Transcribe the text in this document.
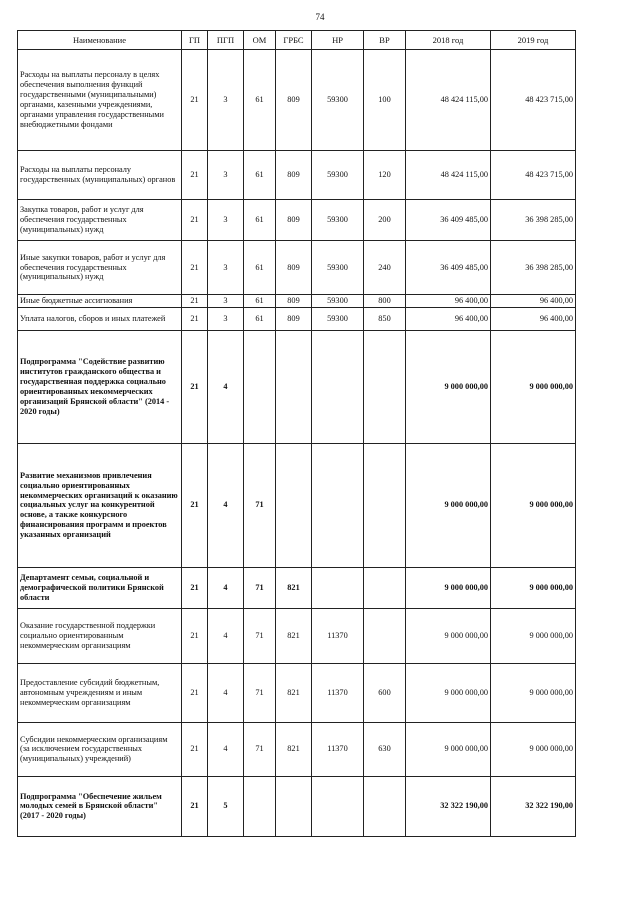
74
Наименование	ГП	ПГП	ОМ	ГРБС	НР	ВР	2018 год	2019 год
Расходы на выплаты персоналу в целях обеспечения выполнения функций государственными (муниципальными) органами, казенными учреждениями, органами управления государственными внебюджетными фондами	21	3	61	809	59300	100	48 424 115,00	48 423 715,00
Расходы на выплаты персоналу государственных (муниципальных) органов	21	3	61	809	59300	120	48 424 115,00	48 423 715,00
Закупка товаров, работ и услуг для обеспечения государственных (муниципальных) нужд	21	3	61	809	59300	200	36 409 485,00	36 398 285,00
Иные закупки товаров, работ и услуг для обеспечения государственных (муниципальных) нужд	21	3	61	809	59300	240	36 409 485,00	36 398 285,00
Иные бюджетные ассигнования	21	3	61	809	59300	800	96 400,00	96 400,00
Уплата налогов, сборов и иных платежей	21	3	61	809	59300	850	96 400,00	96 400,00
Подпрограмма "Содействие развитию институтов гражданского общества и государственная поддержка социально ориентированных некоммерческих организаций Брянской области" (2014 - 2020 годы)	21	4					9 000 000,00	9 000 000,00
Развитие механизмов привлечения социально ориентированных некоммерческих организаций к оказанию социальных услуг на конкурентной основе, а также конкурсного финансирования программ и проектов указанных организаций	21	4	71				9 000 000,00	9 000 000,00
Департамент семьи, социальной и демографической политики Брянской области	21	4	71	821			9 000 000,00	9 000 000,00
Оказание государственной поддержки социально ориентированным некоммерческим организациям	21	4	71	821	11370		9 000 000,00	9 000 000,00
Предоставление субсидий бюджетным, автономным учреждениям и иным некоммерческим организациям	21	4	71	821	11370	600	9 000 000,00	9 000 000,00
Субсидии некоммерческим организациям (за исключением государственных (муниципальных) учреждений)	21	4	71	821	11370	630	9 000 000,00	9 000 000,00
Подпрограмма "Обеспечение жильем молодых семей в Брянской области" (2017 - 2020 годы)	21	5					32 322 190,00	32 322 190,00
